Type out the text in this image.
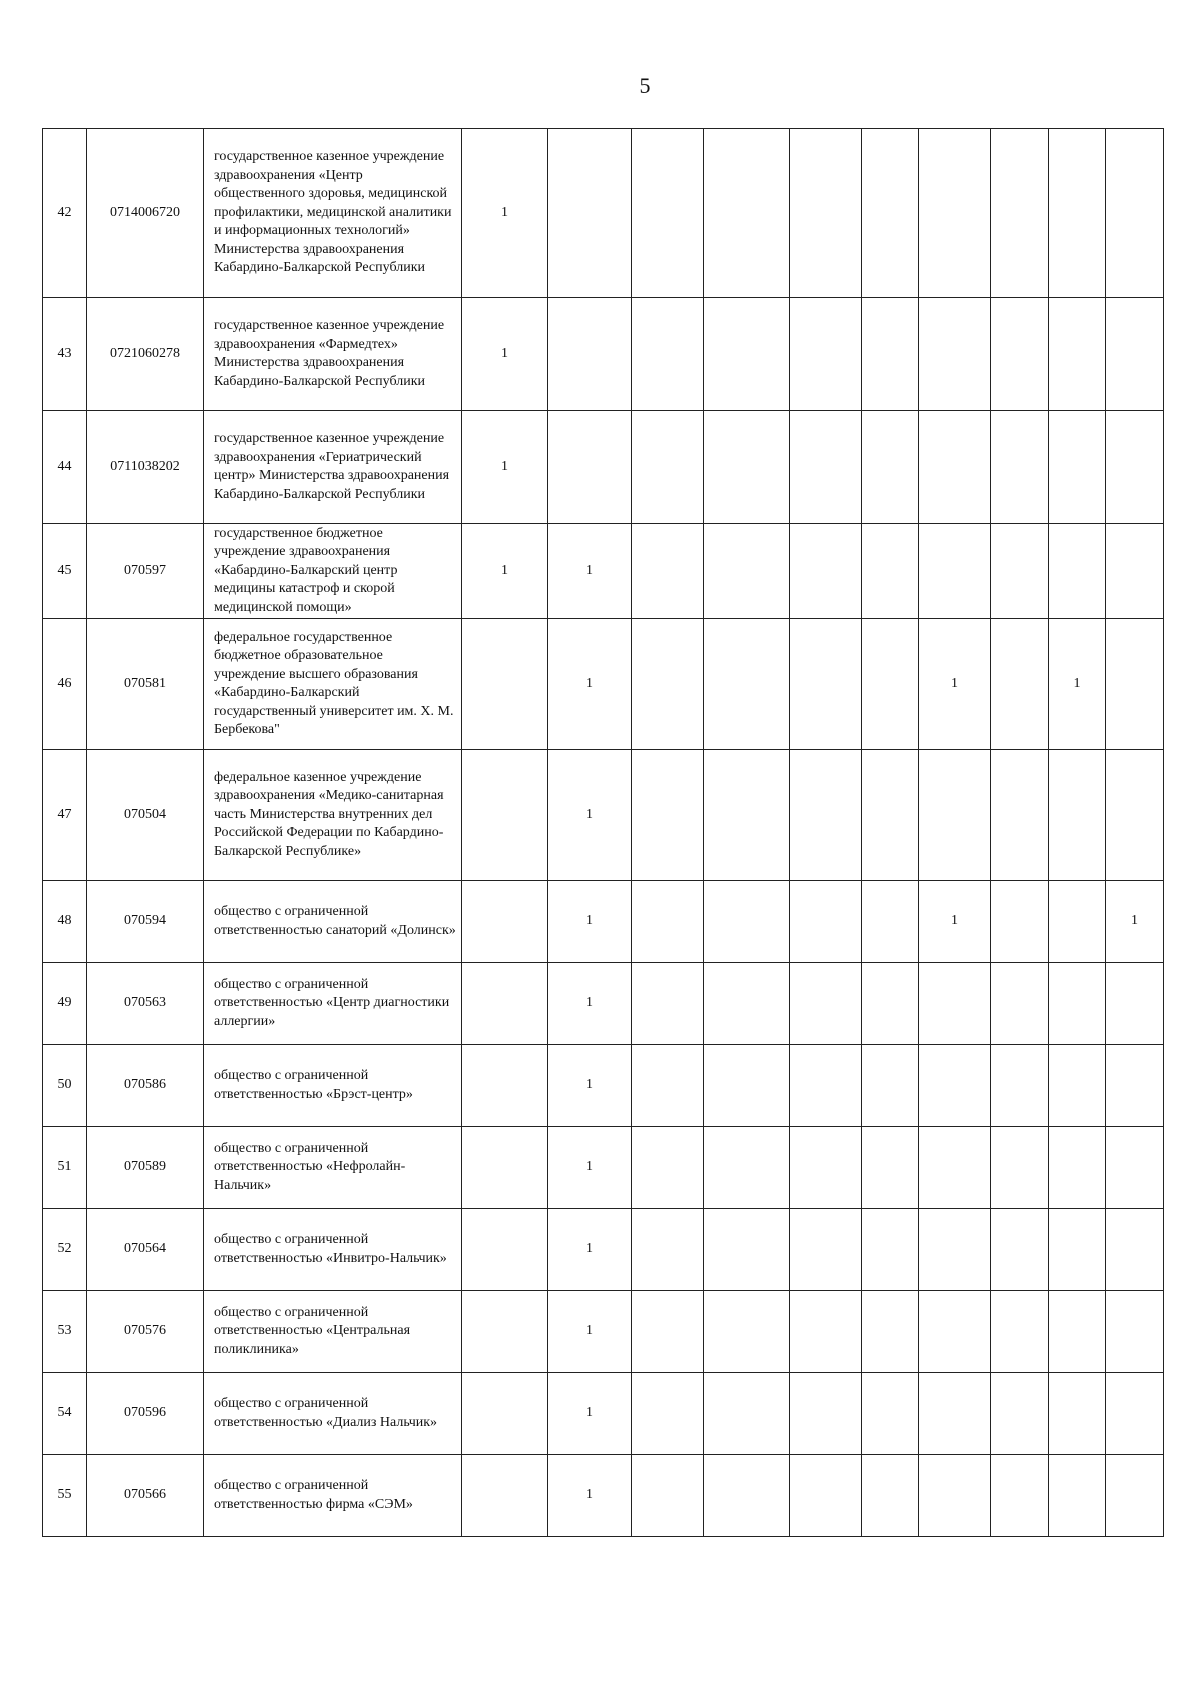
5
42	0714006720	государственное казенное учреждение здравоохранения «Центр общественного здоровья, медицинской профилактики, медицинской аналитики и информационных технологий» Министерства здравоохранения Кабардино-Балкарской Республики	1									
43	0721060278	государственное казенное учреждение здравоохранения «Фармедтех» Министерства здравоохранения Кабардино-Балкарской Республики	1									
44	0711038202	государственное казенное учреждение здравоохранения «Гериатрический центр» Министерства здравоохранения Кабардино-Балкарской Республики	1									
45	070597	государственное бюджетное учреждение здравоохранения «Кабардино-Балкарский центр медицины катастроф и скорой медицинской помощи»	1	1								
46	070581	федеральное государственное бюджетное образовательное учреждение высшего образования «Кабардино-Балкарский государственный университет им. Х. М. Бербекова"		1					1		1	
47	070504	федеральное казенное учреждение здравоохранения «Медико-санитарная часть Министерства внутренних дел Российской Федерации по Кабардино-Балкарской Республике»		1								
48	070594	общество с ограниченной ответственностью санаторий «Долинск»		1					1			1
49	070563	общество с ограниченной ответственностью «Центр диагностики аллергии»		1								
50	070586	общество с ограниченной ответственностью «Брэст-центр»		1								
51	070589	общество с ограниченной ответственностью «Нефролайн-Нальчик»		1								
52	070564	общество с ограниченной ответственностью «Инвитро-Нальчик»		1								
53	070576	общество с ограниченной ответственностью «Центральная поликлиника»		1								
54	070596	общество с ограниченной ответственностью «Диализ Нальчик»		1								
55	070566	общество с ограниченной ответственностью фирма «СЭМ»		1								
